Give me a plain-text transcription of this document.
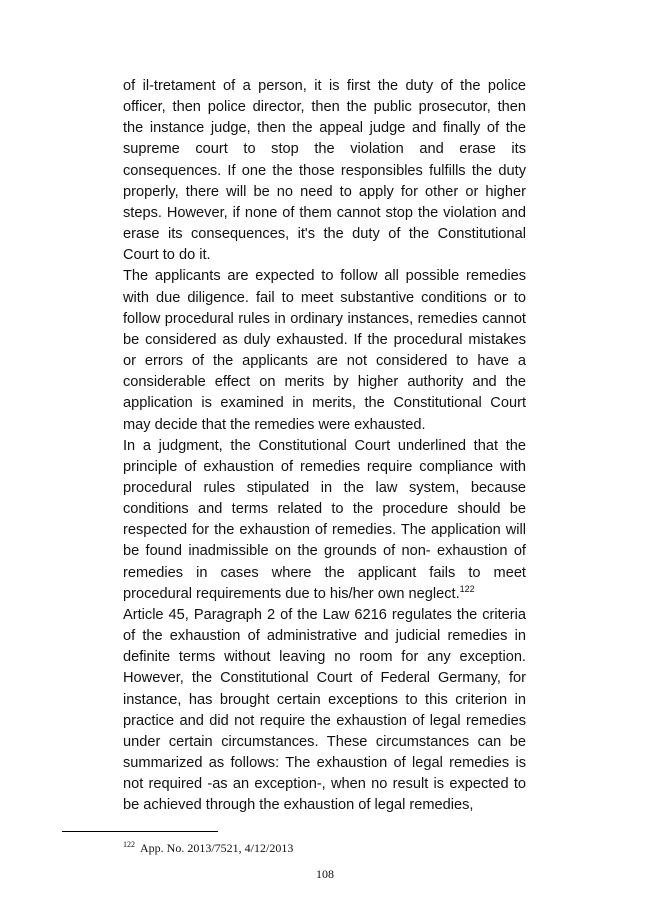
of il-tretament of a person, it is first the duty of the police officer, then police director, then the public prosecutor, then the instance judge, then the appeal judge and finally of the supreme court to stop the violation and erase its consequences. If one the those responsibles fulfills the duty properly, there will be no need to apply for other or higher steps. However, if none of them cannot stop the violation and erase its consequences, it's the duty of the Constitutional Court to do it.

The applicants are expected to follow all possible remedies with due diligence. fail to meet substantive conditions or to follow procedural rules in ordinary instances, remedies cannot be considered as duly exhausted. If the procedural mistakes or errors of the applicants are not considered to have a considerable effect on merits by higher authority and the application is examined in merits, the Constitutional Court may decide that the remedies were exhausted.

In a judgment, the Constitutional Court underlined that the principle of exhaustion of remedies require compliance with procedural rules stipulated in the law system, because conditions and terms related to the procedure should be respected for the exhaustion of remedies. The application will be found inadmissible on the grounds of non- exhaustion of remedies in cases where the applicant fails to meet procedural requirements due to his/her own neglect.$^{122}$

Article 45, Paragraph 2 of the Law 6216 regulates the criteria of the exhaustion of administrative and judicial remedies in definite terms without leaving no room for any exception. However, the Constitutional Court of Federal Germany, for instance, has brought certain exceptions to this criterion in practice and did not require the exhaustion of legal remedies under certain circumstances. These circumstances can be summarized as follows: The exhaustion of legal remedies is not required -as an exception-, when no result is expected to be achieved through the exhaustion of legal remedies,

$^{122}$ App. No. 2013/7521, 4/12/2013
108
